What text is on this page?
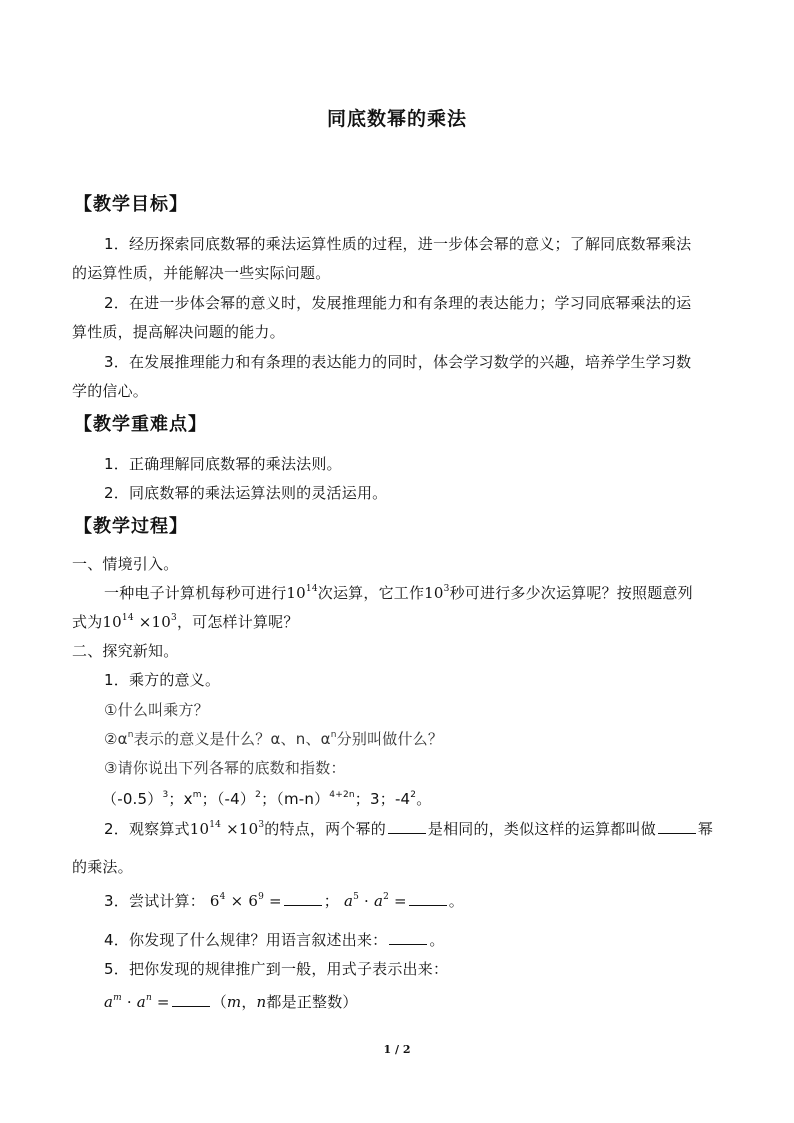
同底数幂的乘法
【教学目标】
1．经历探索同底数幂的乘法运算性质的过程，进一步体会幂的意义；了解同底数幂乘法
的运算性质，并能解决一些实际问题。
2．在进一步体会幂的意义时，发展推理能力和有条理的表达能力；学习同底幂乘法的运
算性质，提高解决问题的能力。
3．在发展推理能力和有条理的表达能力的同时，体会学习数学的兴趣，培养学生学习数
学的信心。
【教学重难点】
1．正确理解同底数幂的乘法法则。
2．同底数幂的乘法运算法则的灵活运用。
【教学过程】
一、情境引入。
一种电子计算机每秒可进行$10^{14}$次运算，它工作$10^3$秒可进行多少次运算呢？按照题意列
式为$10^{14} \times 10^3$，可怎样计算呢？
二、探究新知。
1．乘方的意义。
①什么叫乘方？
$②\alpha^n$表示的意义是什么？α、n、$\alpha^n$分别叫做什么？
③请你说出下列各幂的底数和指数：
$(-0.5)^3$；$x^m$；$(-4)^2$；$(m-n)^{4+2n}$；3；$-4^2$。
2．观察算式$10^{14} \times 10^3$的特点，两个幂的	是相同的，类似这样的运算都叫做	幂
的乘法。
3．尝试计算： $6^4 \times 6^9$ =	； $a^5 \cdot a^2$ =	。
4．你发现了什么规律？用语言叙述出来：	。
5．把你发现的规律推广到一般，用式子表示出来：
$a^m \cdot a^n$ =	（m，n都是正整数）
1 / 2
